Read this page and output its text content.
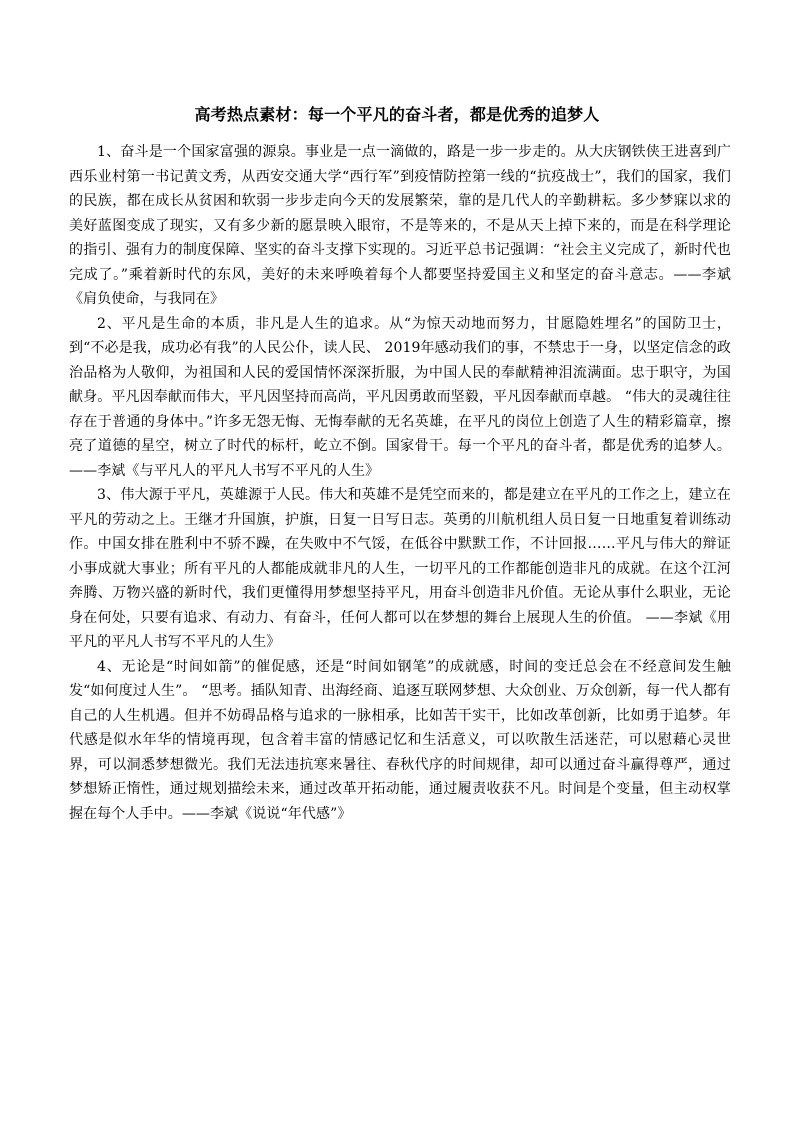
高考热点素材：每一个平凡的奋斗者，都是优秀的追梦人

1、奋斗是一个国家富强的源泉。事业是一点一滴做的，路是一步一步走的。从大庆钢铁侠王进喜到广西乐业村第一书记黄文秀，从西安交通大学“西行军”到疫情防控第一线的“抗疫战士”，我们的国家，我们的民族，都在成长从贫困和软弱一步步走向今天的发展繁荣，靠的是几代人的辛勤耕耘。多少梦寐以求的美好蓝图变成了现实，又有多少新的愿景映入眼帘，不是等来的，不是从天上掉下来的，而是在科学理论的指引、强有力的制度保障、坚实的奋斗支撑下实现的。习近平总书记强调：“社会主义完成了，新时代也完成了。”乘着新时代的东风，美好的未来呼唤着每个人都要坚持爱国主义和坚定的奋斗意志。——李斌《肩负使命，与我同在》

2、平凡是生命的本质，非凡是人生的追求。从“为惊天动地而努力，甘愿隐姓埋名”的国防卫士，到“不必是我，成功必有我”的人民公仆，读人民、 2019年感动我们的事，不禁忠于一身，以坚定信念的政治品格为人敬仰，为祖国和人民的爱国情怀深深折服，为中国人民的奉献精神泪流满面。忠于职守，为国献身。平凡因奉献而伟大，平凡因坚持而高尚，平凡因勇敢而坚毅，平凡因奉献而卓越。 “伟大的灵魂往往存在于普通的身体中。”许多无怨无悔、无悔奉献的无名英雄，在平凡的岗位上创造了人生的精彩篇章，擦亮了道德的星空，树立了时代的标杆，屹立不倒。国家骨干。每一个平凡的奋斗者，都是优秀的追梦人。——李斌《与平凡人的平凡人书写不平凡的人生》

3、伟大源于平凡，英雄源于人民。伟大和英雄不是凭空而来的，都是建立在平凡的工作之上，建立在平凡的劳动之上。王继才升国旗，护旗，日复一日写日志。英勇的川航机组人员日复一日地重复着训练动作。中国女排在胜利中不骄不躁，在失败中不气馁，在低谷中默默工作，不计回报……平凡与伟大的辩证小事成就大事业；所有平凡的人都能成就非凡的人生，一切平凡的工作都能创造非凡的成就。在这个江河奔腾、万物兴盛的新时代，我们更懂得用梦想坚持平凡，用奋斗创造非凡价值。无论从事什么职业，无论身在何处，只要有追求、有动力、有奋斗，任何人都可以在梦想的舞台上展现人生的价值。 ——李斌《用平凡的平凡人书写不平凡的人生》

4、无论是“时间如箭”的催促感，还是“时间如钢笔”的成就感，时间的变迁总会在不经意间发生触发“如何度过人生”。 “思考。插队知青、出海经商、追逐互联网梦想、大众创业、万众创新，每一代人都有自己的人生机遇。但并不妨碍品格与追求的一脉相承，比如苦干实干，比如改革创新，比如勇于追梦。年代感是似水年华的情境再现，包含着丰富的情感记忆和生活意义，可以吹散生活迷茫，可以慰藉心灵世界，可以洞悉梦想微光。我们无法违抗寒来暑往、春秋代序的时间规律，却可以通过奋斗赢得尊严，通过梦想矫正惰性，通过规划描绘未来，通过改革开拓动能，通过履责收获不凡。时间是个变量，但主动权掌握在每个人手中。——李斌《说说“年代感”》
